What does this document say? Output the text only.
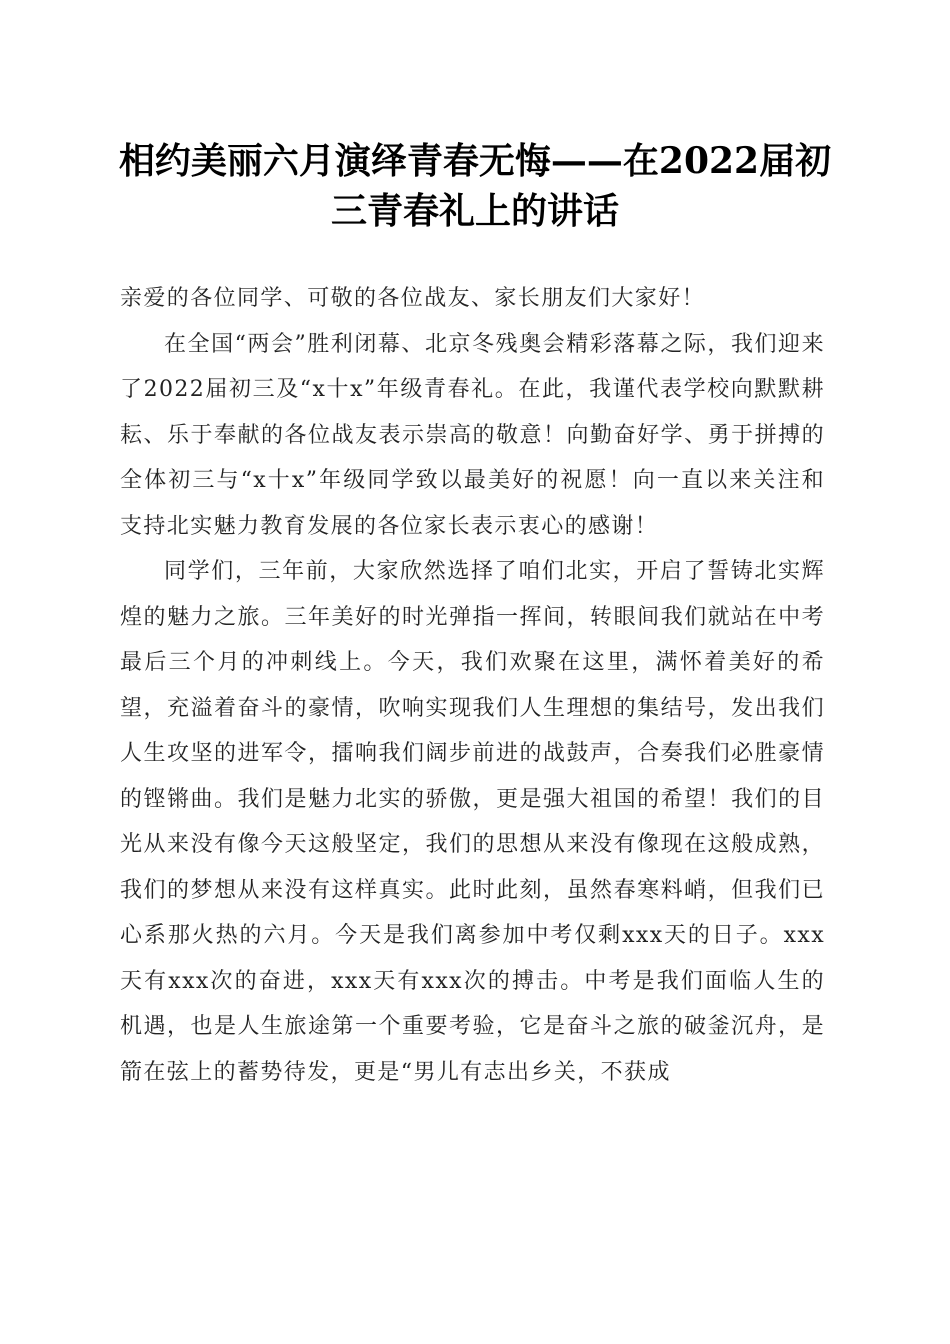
相约美丽六月演绎青春无悔——在2022届初三青春礼上的讲话

亲爱的各位同学、可敬的各位战友、家长朋友们大家好！

在全国“两会”胜利闭幕、北京冬残奥会精彩落幕之际，我们迎来了2022届初三及“x十x”年级青春礼。在此，我谨代表学校向默默耕耘、乐于奉献的各位战友表示崇高的敬意！向勤奋好学、勇于拼搏的全体初三与“x十x”年级同学致以最美好的祝愿！向一直以来关注和支持北实魅力教育发展的各位家长表示衷心的感谢！

同学们，三年前，大家欣然选择了咱们北实，开启了誓铸北实辉煌的魅力之旅。三年美好的时光弹指一挥间，转眼间我们就站在中考最后三个月的冲刺线上。今天，我们欢聚在这里，满怀着美好的希望，充溢着奋斗的豪情，吹响实现我们人生理想的集结号，发出我们人生攻坚的进军令，擂响我们阔步前进的战鼓声，合奏我们必胜豪情的铿锵曲。我们是魅力北实的骄傲，更是强大祖国的希望！我们的目光从来没有像今天这般坚定，我们的思想从来没有像现在这般成熟，我们的梦想从来没有这样真实。此时此刻，虽然春寒料峭，但我们已心系那火热的六月。今天是我们离参加中考仅剩xxx天的日子。xxx天有xxx次的奋进，xxx天有xxx次的搏击。中考是我们面临人生的机遇，也是人生旅途第一个重要考验，它是奋斗之旅的破釜沉舟，是箭在弦上的蓄势待发，更是“男儿有志出乡关，不获成
